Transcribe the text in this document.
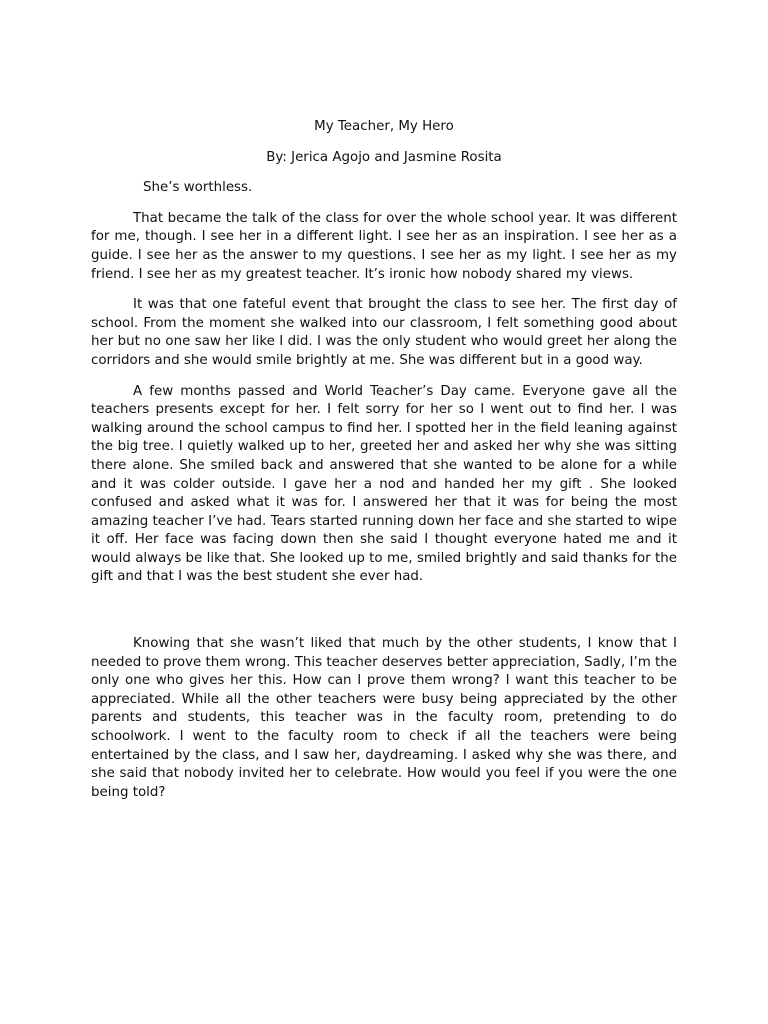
My Teacher, My Hero

By: Jerica Agojo and Jasmine Rosita

She’s worthless.

That became the talk of the class for over the whole school year. It was different for me, though. I see her in a different light. I see her as an inspiration. I see her as a guide. I see her as the answer to my questions. I see her as my light. I see her as my friend. I see her as my greatest teacher. It’s ironic how nobody shared my views.

It was that one fateful event that brought the class to see her. The first day of school. From the moment she walked into our classroom, I felt something good about her but no one saw her like I did. I was the only student who would greet her along the corridors and she would smile brightly at me. She was different but in a good way.

A few months passed and World Teacher’s Day came. Everyone gave all the teachers presents except for her. I felt sorry for her so I went out to find her. I was walking around the school campus to find her. I spotted her in the field leaning against the big tree. I quietly walked up to her, greeted her and asked her why she was sitting there alone. She smiled back and answered that she wanted to be alone for a while and it was colder outside. I gave her a nod and handed her my gift . She looked confused and asked what it was for. I answered her that it was for being the most amazing teacher I’ve had. Tears started running down her face and she started to wipe it off. Her face was facing down then she said I thought everyone hated me and it would always be like that. She looked up to me, smiled brightly and said thanks for the gift and that I was the best student she ever had.

Knowing that she wasn’t liked that much by the other students, I know that I needed to prove them wrong. This teacher deserves better appreciation, Sadly, I’m the only one who gives her this. How can I prove them wrong? I want this teacher to be appreciated. While all the other teachers were busy being appreciated by the other parents and students, this teacher was in the faculty room, pretending to do schoolwork. I went to the faculty room to check if all the teachers were being entertained by the class, and I saw her, daydreaming. I asked why she was there, and she said that nobody invited her to celebrate. How would you feel if you were the one being told?
